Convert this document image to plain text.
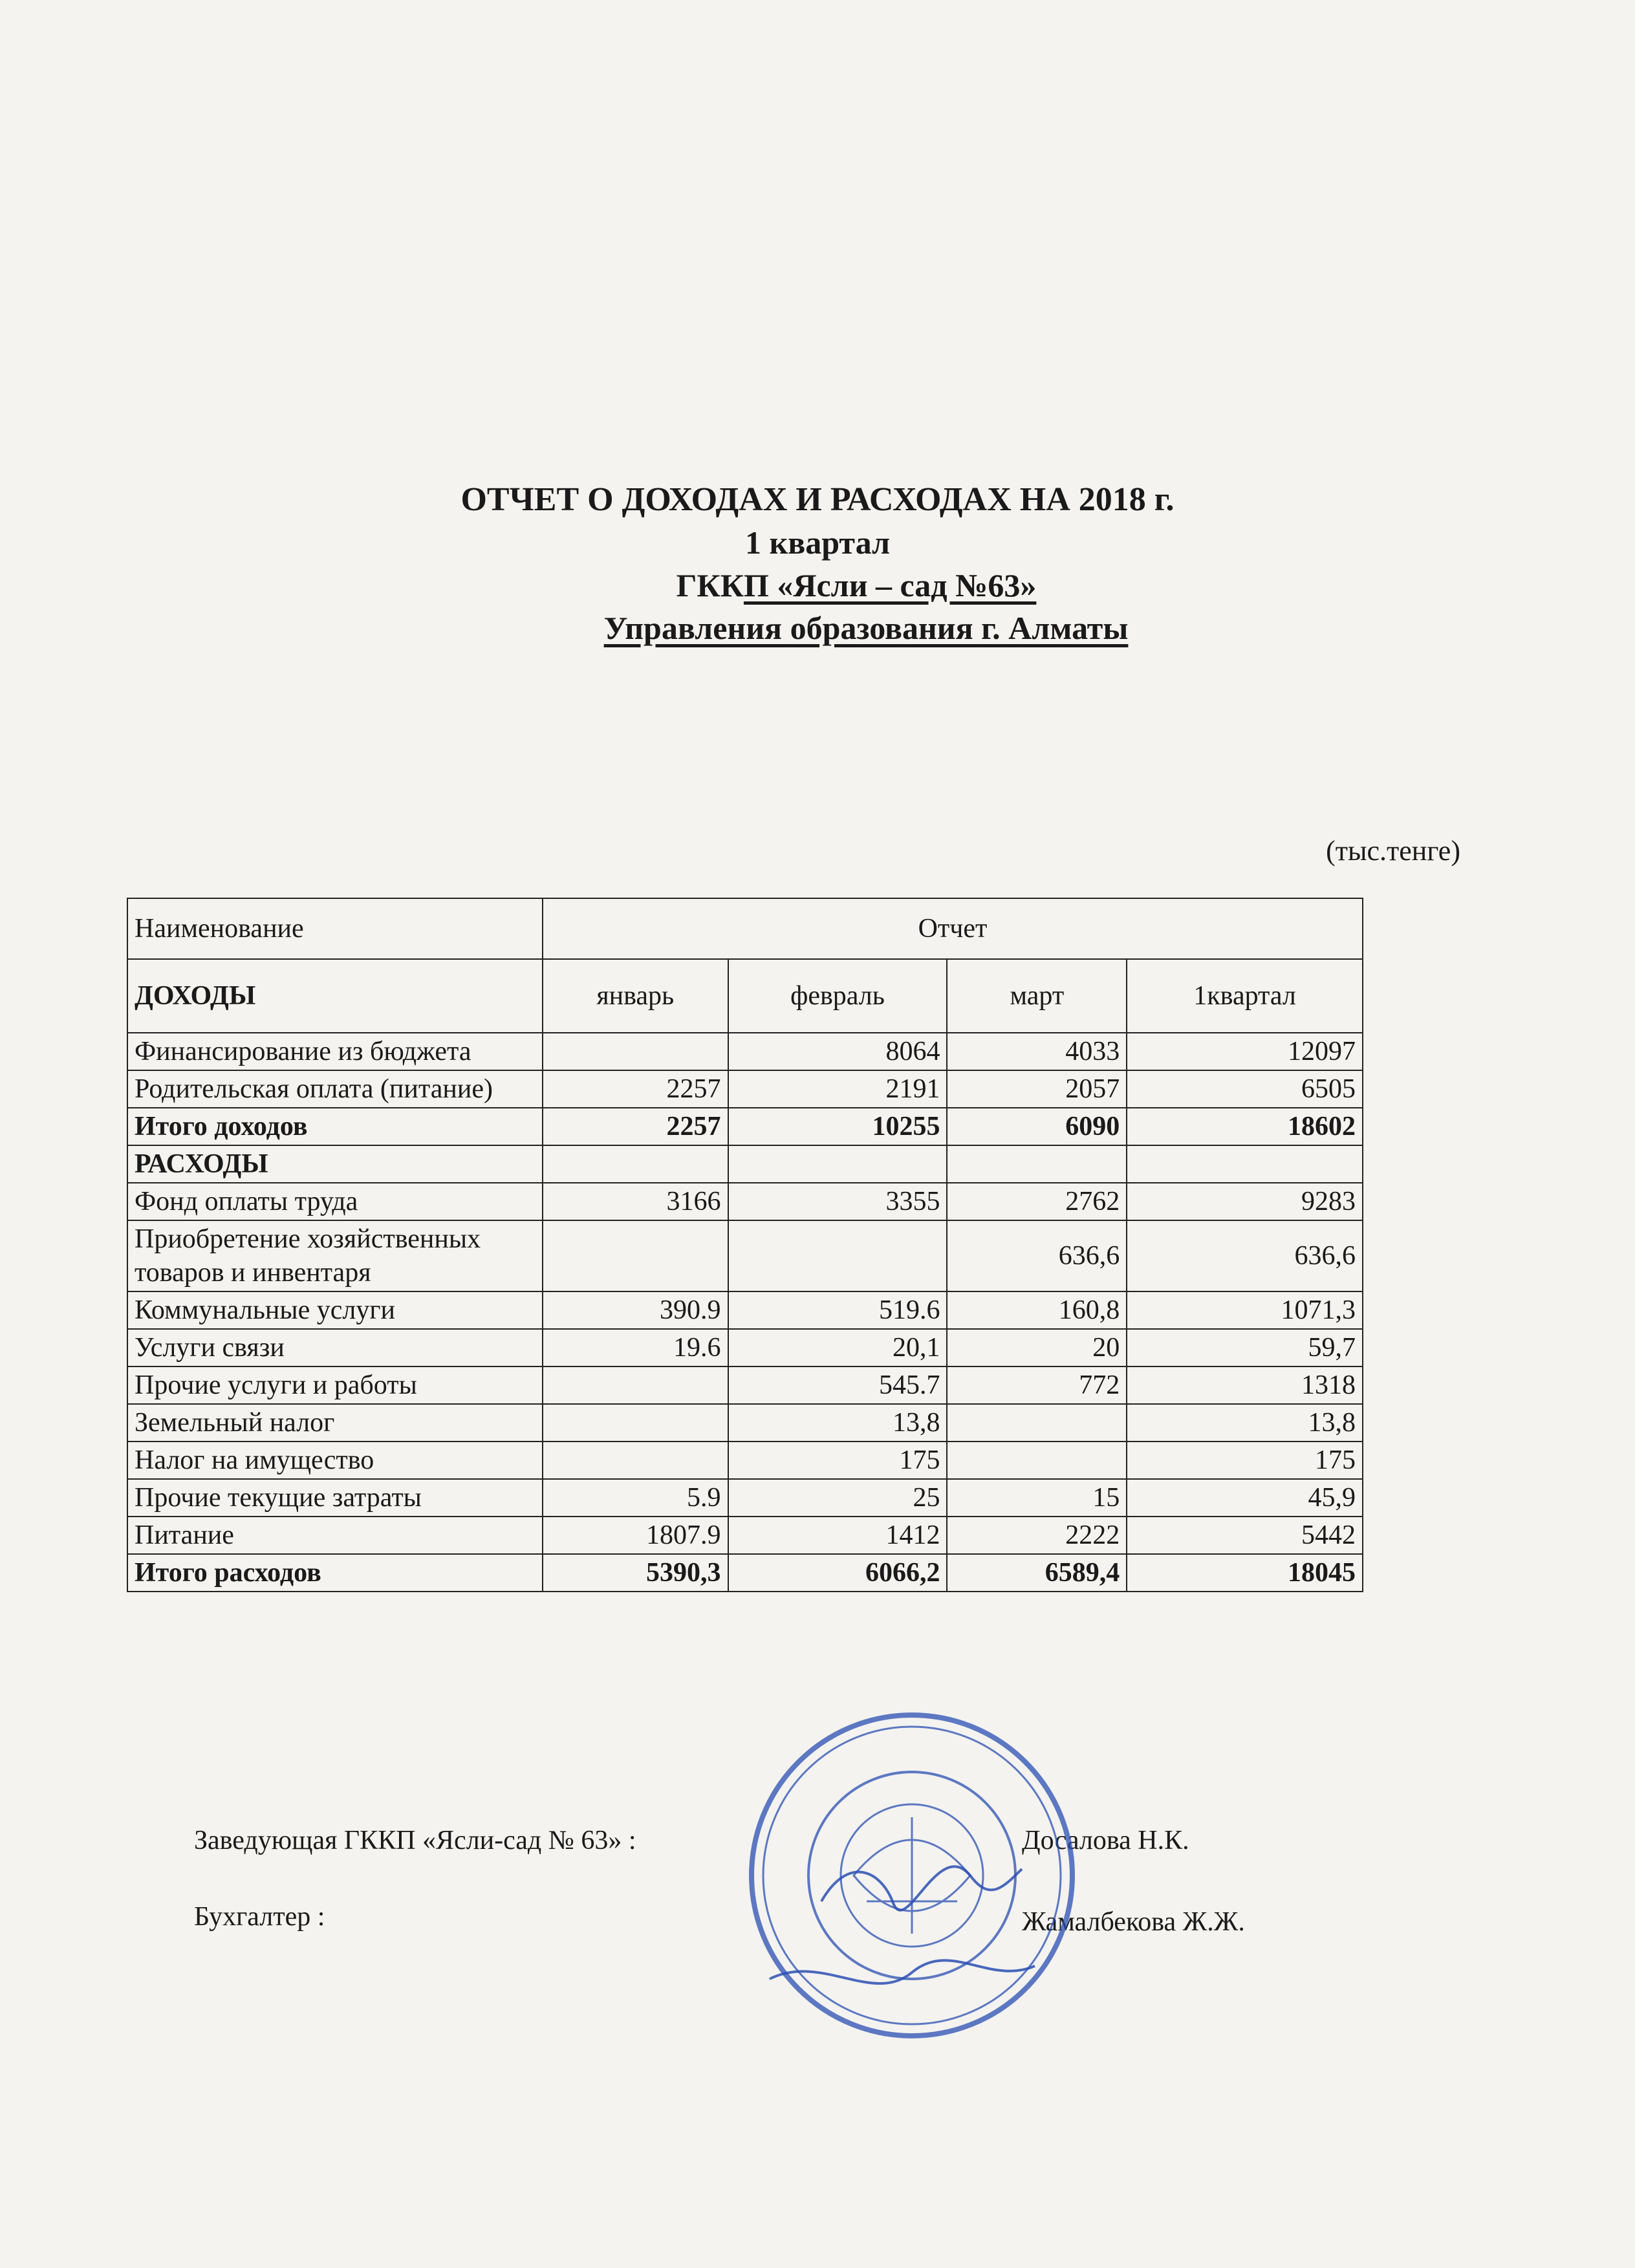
ОТЧЕТ О ДОХОДАХ И РАСХОДАХ НА 2018 г.
1 квартал
ГККП «Ясли – сад №63»
Управления образования г. Алматы
(тыс.тенге)
Наименование	Отчет			
ДОХОДЫ	январь	февраль	март	1квартал
Финансирование из бюджета		8064	4033	12097
Родительская оплата (питание)	2257	2191	2057	6505
Итого доходов	2257	10255	6090	18602
РАСХОДЫ				
Фонд оплаты труда	3166	3355	2762	9283
Приобретение хозяйственных товаров и инвентаря			636,6	636,6
Коммунальные услуги	390.9	519.6	160,8	1071,3
Услуги связи	19.6	20,1	20	59,7
Прочие услуги и работы		545.7	772	1318
Земельный налог		13,8		13,8
Налог на имущество		175		175
Прочие текущие затраты	5.9	25	15	45,9
Питание	1807.9	1412	2222	5442
Итого расходов	5390,3	6066,2	6589,4	18045
Заведующая ГККП «Ясли-сад № 63» :	Досалова Н.К.
Бухгалтер :	Жамалбекова Ж.Ж.
